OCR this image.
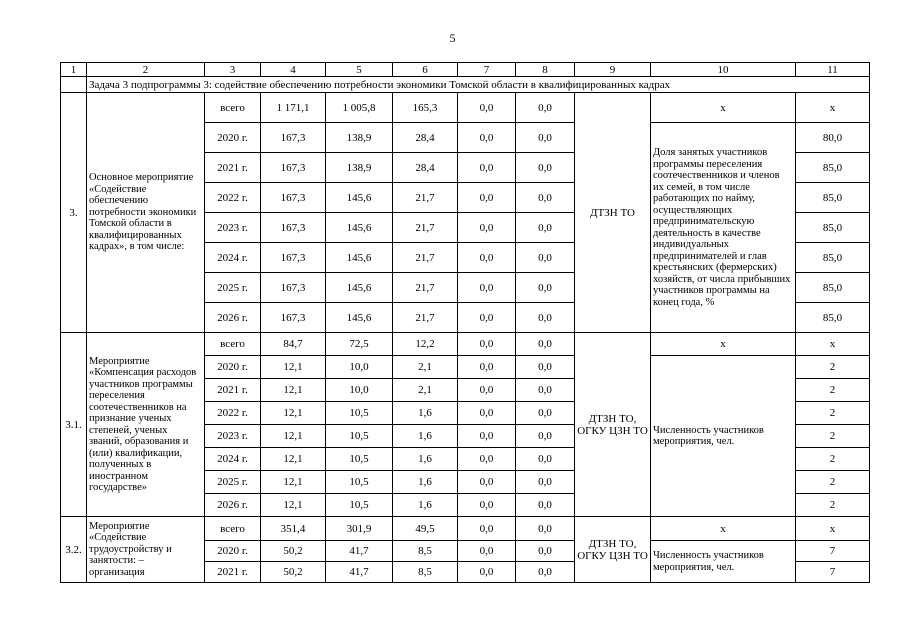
5
1	2	3	4	5	6	7	8	9	10	11
	Задача 3 подпрограммы 3: содействие обеспечению потребности экономики Томской области в квалифицированных кадрах									
3.	Основное мероприятие «Содействие обеспечению потребности экономики Томской области в квалифицированных кадрах», в том числе:	всего	1 171,1	1 005,8	165,3	0,0	0,0	ДТЗН ТО	х	х
		2020 г.	167,3	138,9	28,4	0,0	0,0		Доля занятых участников программы переселения соотечественников и членов их семей, в том числе работающих по найму, осуществляющих предпринимательскую деятельность в качестве индивидуальных предпринимателей и глав крестьянских (фермерских) хозяйств, от числа прибывших участников программы на конец года, %	80,0
		2021 г.	167,3	138,9	28,4	0,0	0,0			85,0
		2022 г.	167,3	145,6	21,7	0,0	0,0			85,0
		2023 г.	167,3	145,6	21,7	0,0	0,0			85,0
		2024 г.	167,3	145,6	21,7	0,0	0,0			85,0
		2025 г.	167,3	145,6	21,7	0,0	0,0			85,0
		2026 г.	167,3	145,6	21,7	0,0	0,0			85,0
3.1.	Мероприятие «Компенсация расходов участников программы переселения соотечественников на признание ученых степеней, ученых званий, образования и (или) квалификации, полученных в иностранном государстве»	всего	84,7	72,5	12,2	0,0	0,0	ДТЗН ТО, ОГКУ ЦЗН ТО	х	х
		2020 г.	12,1	10,0	2,1	0,0	0,0		Численность участников мероприятия, чел.	2
		2021 г.	12,1	10,0	2,1	0,0	0,0			2
		2022 г.	12,1	10,5	1,6	0,0	0,0			2
		2023 г.	12,1	10,5	1,6	0,0	0,0			2
		2024 г.	12,1	10,5	1,6	0,0	0,0			2
		2025 г.	12,1	10,5	1,6	0,0	0,0			2
		2026 г.	12,1	10,5	1,6	0,0	0,0			2
3.2.	Мероприятие «Содействие трудоустройству и занятости: – организация	всего	351,4	301,9	49,5	0,0	0,0	ДТЗН ТО, ОГКУ ЦЗН ТО	х	х
		2020 г.	50,2	41,7	8,5	0,0	0,0		Численность участников мероприятия, чел.	7
		2021 г.	50,2	41,7	8,5	0,0	0,0			7
